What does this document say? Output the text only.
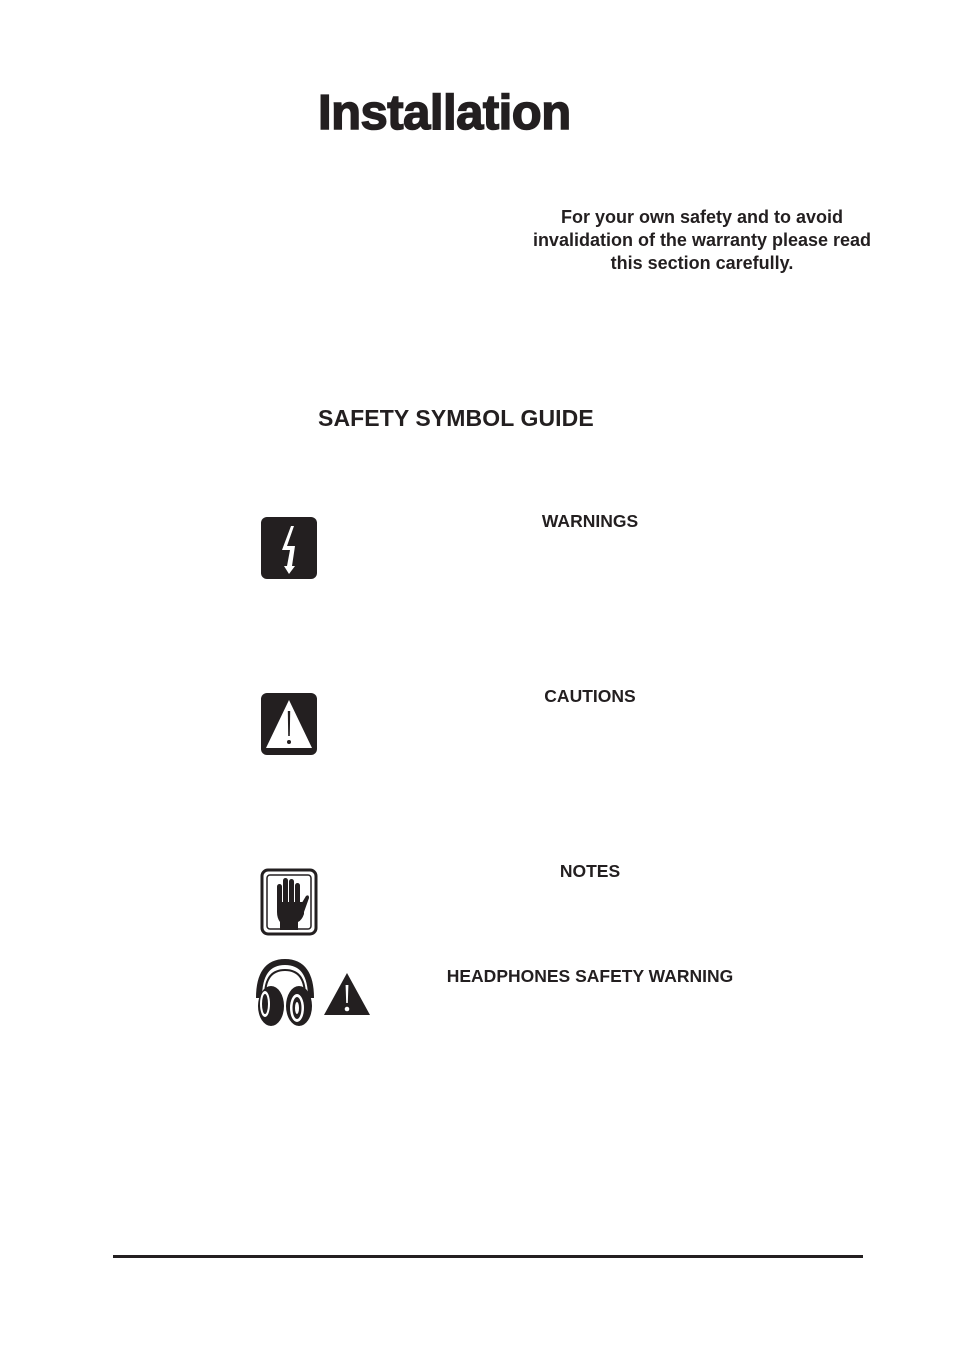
Installation

For your own safety and to avoid invalidation of the warranty please read this section carefully.

SAFETY SYMBOL GUIDE

WARNINGS

CAUTIONS

NOTES

HEADPHONES SAFETY WARNING
